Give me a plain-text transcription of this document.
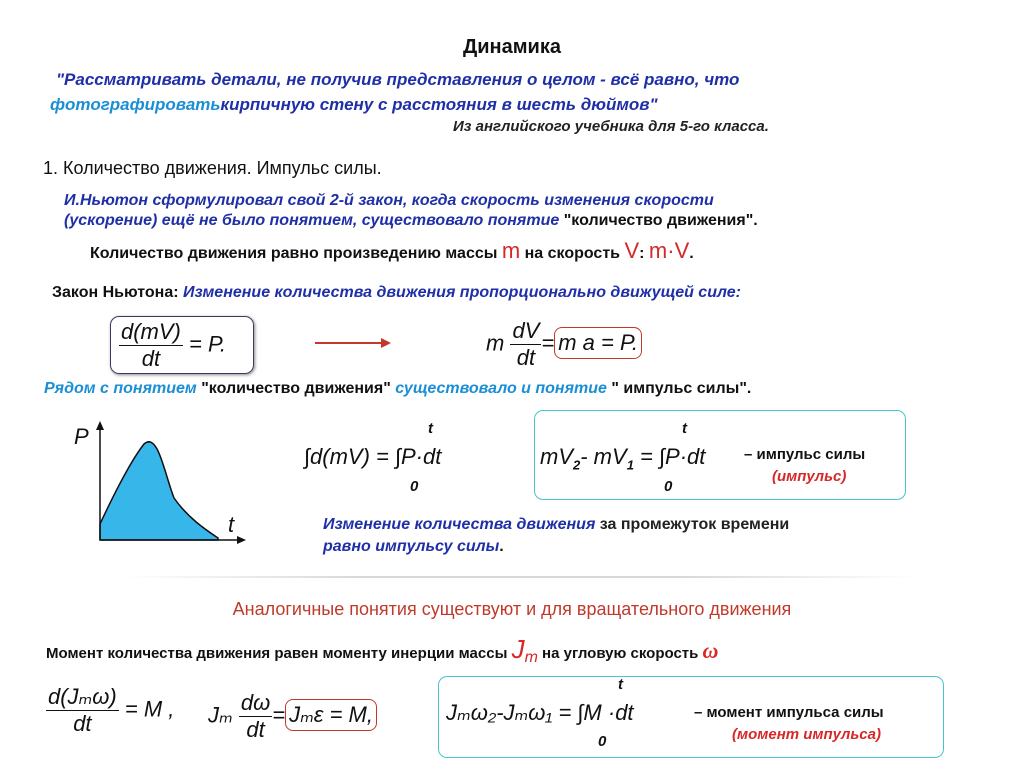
Динамика
"Рассматривать детали, не получив представления о целом - всё равно, что
фотографироватькирпичную стену с расстояния в шесть дюймов"
Из английского учебника для 5-го класса.
1. Количество движения. Импульс силы.
И.Ньютон сформулировал свой 2-й закон, когда скорость изменения скорости
(ускорение) ещё не было понятием, существовало понятие "количество движения".
Количество движения равно произведению массы m на скорость V: m·V.
Закон Ньютона: Изменение количества движения пропорционально движущей силе:
$\frac{d(mV)}{dt} = P$.	m $\frac{dV}{dt} = m$ a = P.
Рядом с понятием "количество движения" существовало и понятие " импульс силы".
P
t
∫d(mV) = ∫P·dt
t
0
$mV_2-$ $mV_1 = \int P\cdot dt$
t
0
– импульс силы
(импульс)
Изменение количества движения за промежуток времени
равно импульсу силы.
Аналогичные понятия существуют и для вращательного движения
Момент количества движения равен моменту инерции массы $J_m$ на угловую скорость ω
$\frac{\text{d(Jₘω)}}{dt} = M$ , Jₘ $\frac{d\omega}{dt} = J_m\varepsilon = M$,	Jₘω₂-Jₘω₁ = ∫M ·dt
t
0
– момент импульса силы
(момент импульса)
